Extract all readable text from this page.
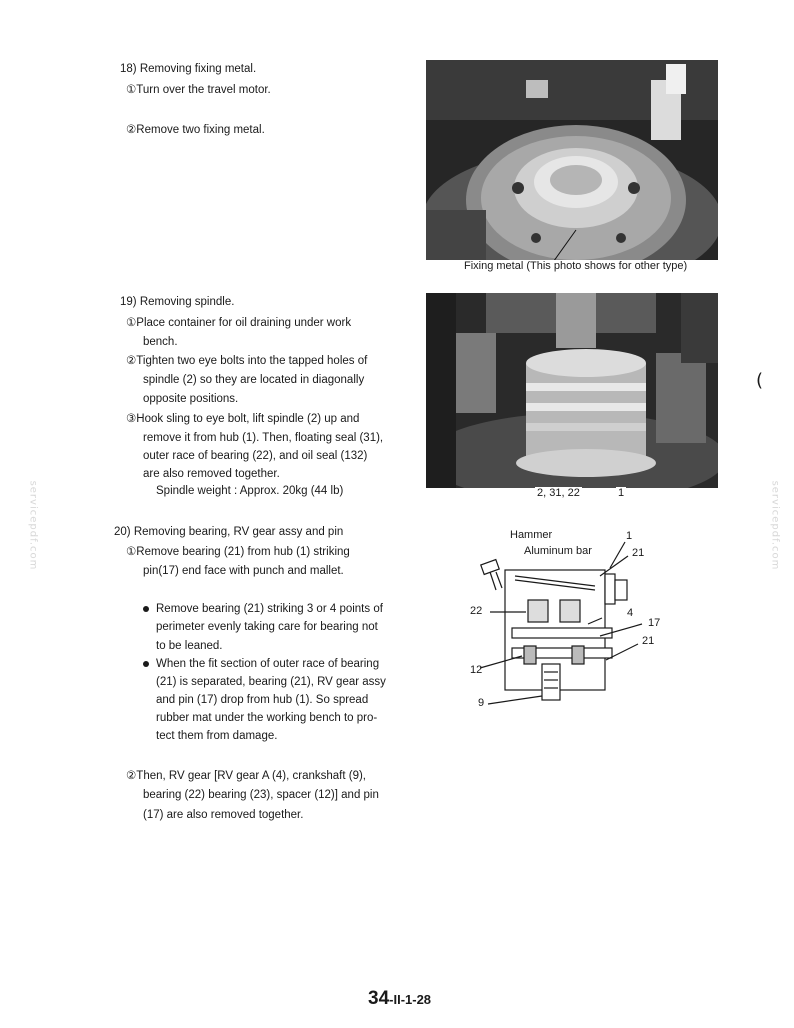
servicepdf.com	servicepdf.com
18) Removing fixing metal.
①Turn over the travel motor.
②Remove two fixing metal.
Fixing metal (This photo shows for other type)
19) Removing spindle.
①Place container for oil draining under work
bench.
②Tighten two eye bolts into the tapped holes of
spindle (2) so they are located in diagonally
opposite positions.
③Hook sling to eye bolt, lift spindle (2) up and
remove it from hub (1). Then, floating seal (31),
outer race of bearing (22), and oil seal (132)
are also removed together.
Spindle weight : Approx. 20kg (44 lb)	2, 31, 22	1
(
20) Removing bearing, RV gear assy and pin
①Remove bearing (21) from hub (1) striking
pin(17) end face with punch and mallet.
Remove bearing (21) striking 3 or 4 points of
perimeter evenly taking care for bearing not
to be leaned.
When the fit section of outer race of bearing
(21) is separated, bearing (21), RV gear assy
and pin (17) drop from hub (1). So spread
rubber mat under the working bench to pro-
tect them from damage.
②Then, RV gear [RV gear A (4), crankshaft (9),
bearing (22) bearing (23), spacer (12)] and pin
(17) are also removed together.
Hammer
Aluminum bar
1
21
22	4
17
21
12
9
34-II-1-28
